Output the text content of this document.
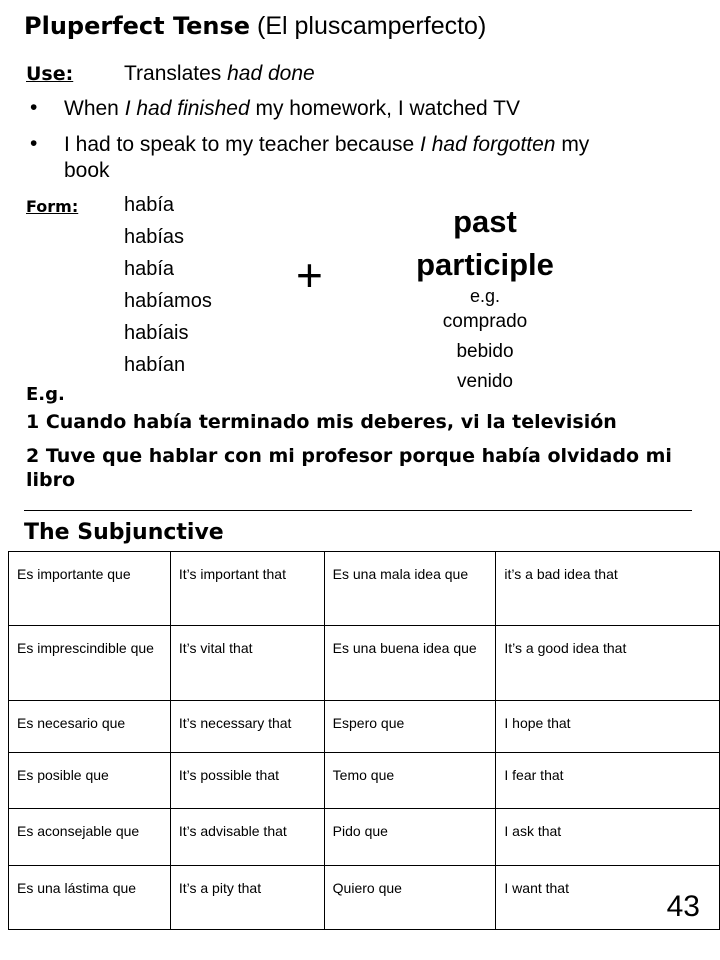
Pluperfect Tense (El pluscamperfecto)
Use: Translates had done
• When I had finished my homework, I watched TV
• I had to speak to my teacher because I had forgotten my book
Form: había
habías
había
habíamos
habíais
habían
+
past
participle
e.g.
comprado
bebido
venido
E.g.
1 Cuando había terminado mis deberes, vi la televisión
2 Tuve que hablar con mi profesor porque había olvidado mi libro
The Subjunctive
Es importante que	It’s important that	Es una mala idea que	it’s a bad idea that
Es imprescindible que	It’s vital that	Es una buena idea que	It’s a good idea that
Es necesario que	It’s necessary that	Espero que	I hope that
Es posible que	It’s possible that	Temo que	I fear that
Es aconsejable que	It’s advisable that	Pido que	I ask that
Es una lástima que	It’s a pity that	Quiero que	I want that
43
